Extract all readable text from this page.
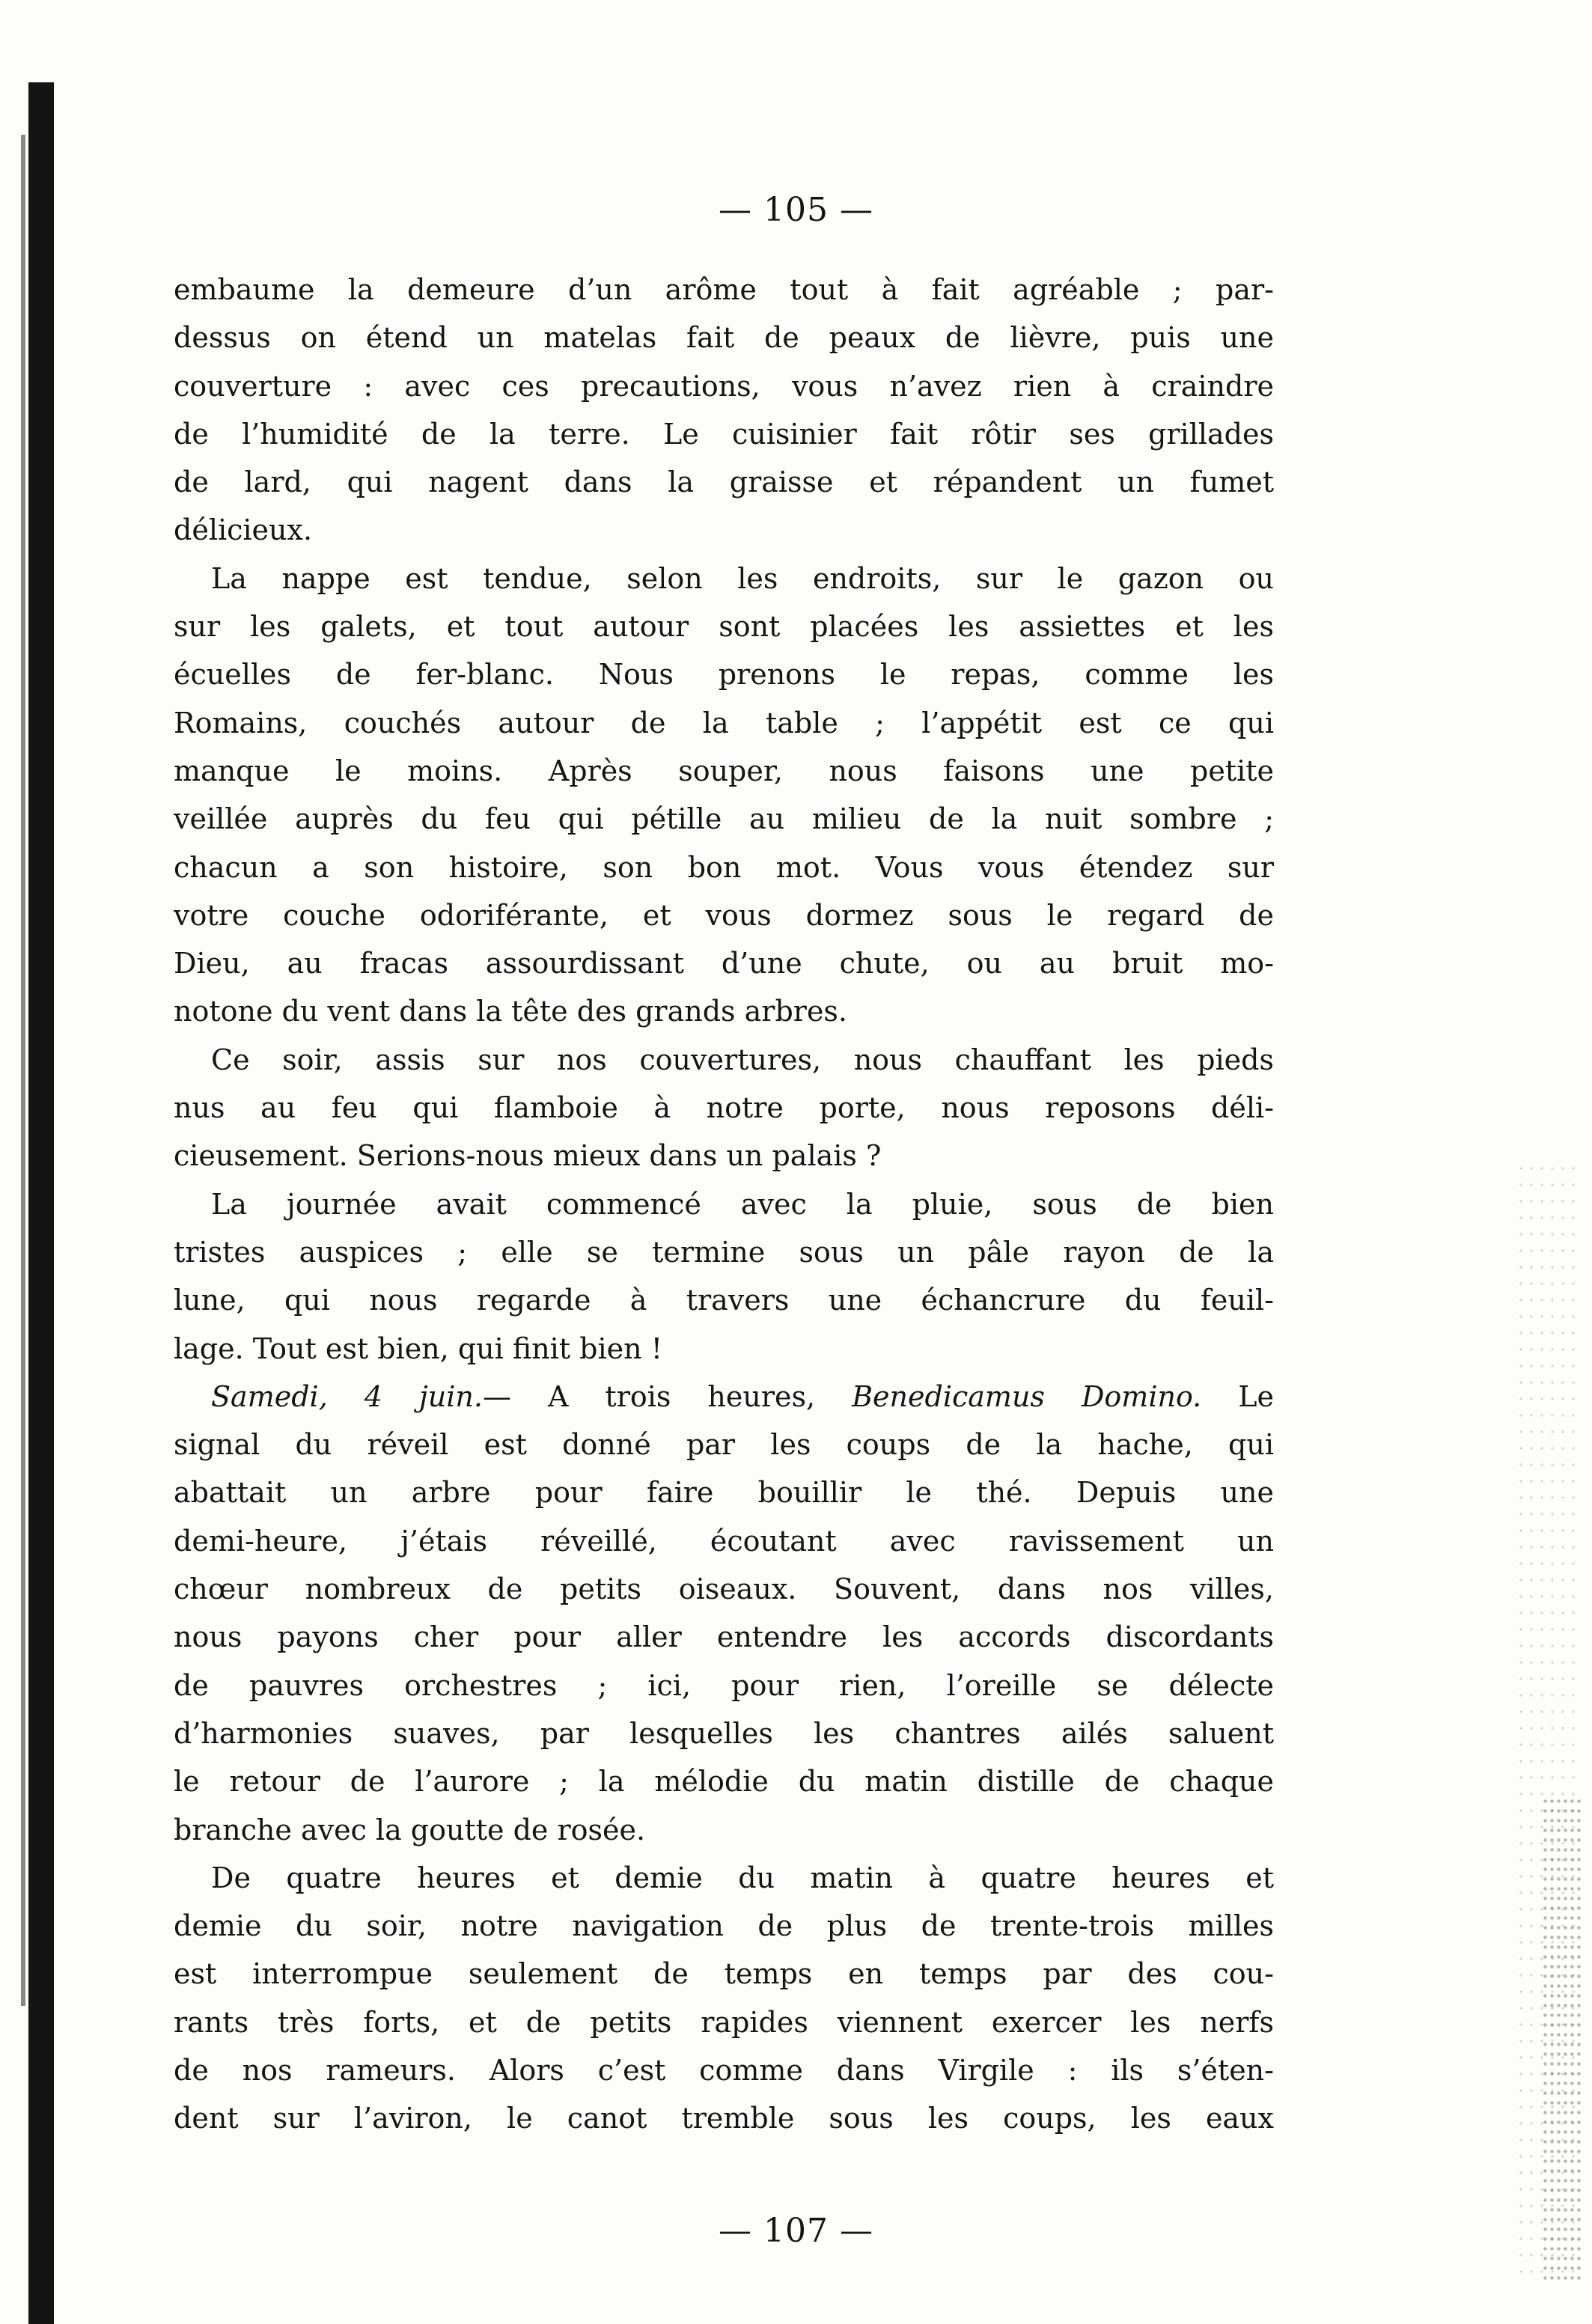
— 105 —
embaume la demeure d’un arôme tout à fait agréable ; par-
dessus on étend un matelas fait de peaux de lièvre, puis une
couverture : avec ces precautions, vous n’avez rien à craindre
de l’humidité de la terre. Le cuisinier fait rôtir ses grillades
de lard, qui nagent dans la graisse et répandent un fumet
délicieux.
La nappe est tendue, selon les endroits, sur le gazon ou
sur les galets, et tout autour sont placées les assiettes et les
écuelles de fer-blanc. Nous prenons le repas, comme les
Romains, couchés autour de la table ; l’appétit est ce qui
manque le moins. Après souper, nous faisons une petite
veillée auprès du feu qui pétille au milieu de la nuit sombre ;
chacun a son histoire, son bon mot. Vous vous étendez sur
votre couche odoriférante, et vous dormez sous le regard de
Dieu, au fracas assourdissant d’une chute, ou au bruit mo-
notone du vent dans la tête des grands arbres.
Ce soir, assis sur nos couvertures, nous chauffant les pieds
nus au feu qui flamboie à notre porte, nous reposons déli-
cieusement. Serions-nous mieux dans un palais ?
La journée avait commencé avec la pluie, sous de bien
tristes auspices ; elle se termine sous un pâle rayon de la
lune, qui nous regarde à travers une échancrure du feuil-
lage. Tout est bien, qui finit bien !
Samedi, 4 juin.— A trois heures, Benedicamus Domino. Le
signal du réveil est donné par les coups de la hache, qui
abattait un arbre pour faire bouillir le thé. Depuis une
demi-heure, j’étais réveillé, écoutant avec ravissement un
chœur nombreux de petits oiseaux. Souvent, dans nos villes,
nous payons cher pour aller entendre les accords discordants
de pauvres orchestres ; ici, pour rien, l’oreille se délecte
d’harmonies suaves, par lesquelles les chantres ailés saluent
le retour de l’aurore ; la mélodie du matin distille de chaque
branche avec la goutte de rosée.
De quatre heures et demie du matin à quatre heures et
demie du soir, notre navigation de plus de trente-trois milles
est interrompue seulement de temps en temps par des cou-
rants très forts, et de petits rapides viennent exercer les nerfs
de nos rameurs. Alors c’est comme dans Virgile : ils s’éten-
dent sur l’aviron, le canot tremble sous les coups, les eaux
— 107 —
